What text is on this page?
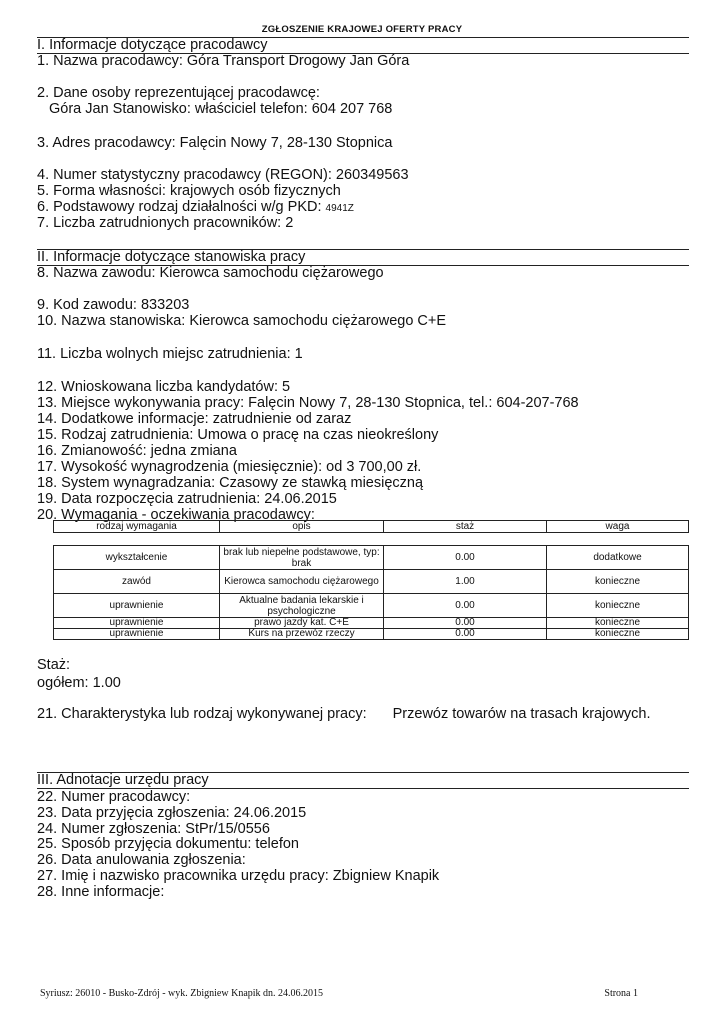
ZGŁOSZENIE KRAJOWEJ OFERTY PRACY
I. Informacje dotyczące pracodawcy
1. Nazwa pracodawcy: Góra Transport Drogowy Jan Góra
2. Dane osoby reprezentującej pracodawcę:
Góra Jan Stanowisko: właściciel telefon: 604 207 768
3. Adres pracodawcy: Falęcin Nowy 7, 28-130 Stopnica
4. Numer statystyczny pracodawcy (REGON): 260349563
5. Forma własności: krajowych osób fizycznych
6. Podstawowy rodzaj działalności w/g PKD: 4941Z
7. Liczba zatrudnionych pracowników: 2
II. Informacje dotyczące stanowiska pracy
8. Nazwa zawodu: Kierowca samochodu ciężarowego
9. Kod zawodu: 833203
10. Nazwa stanowiska: Kierowca samochodu ciężarowego C+E
11. Liczba wolnych miejsc zatrudnienia: 1
12. Wnioskowana liczba kandydatów: 5
13. Miejsce wykonywania pracy: Falęcin Nowy 7, 28-130 Stopnica, tel.: 604-207-768
14. Dodatkowe informacje: zatrudnienie od zaraz
15. Rodzaj zatrudnienia: Umowa o pracę na czas nieokreślony
16. Zmianowość: jedna zmiana
17. Wysokość wynagrodzenia (miesięcznie): od 3 700,00 zł.
18. System wynagradzania: Czasowy ze stawką miesięczną
19. Data rozpoczęcia zatrudnienia: 24.06.2015
20. Wymagania - oczekiwania pracodawcy:
rodzaj wymagania	opis	staż	waga
wykształcenie	brak lub niepełne podstawowe, typ: brak	0.00	dodatkowe
zawód	Kierowca samochodu ciężarowego	1.00	konieczne
uprawnienie	Aktualne badania lekarskie i psychologiczne	0.00	konieczne
uprawnienie	prawo jazdy kat. C+E	0.00	konieczne
uprawnienie	Kurs na przewóz rzeczy	0.00	konieczne
Staż:
ogółem: 1.00
21. Charakterystyka lub rodzaj wykonywanej pracy: Przewóz towarów na trasach krajowych.
III. Adnotacje urzędu pracy
22. Numer pracodawcy:
23. Data przyjęcia zgłoszenia: 24.06.2015
24. Numer zgłoszenia: StPr/15/0556
25. Sposób przyjęcia dokumentu: telefon
26. Data anulowania zgłoszenia:
27. Imię i nazwisko pracownika urzędu pracy: Zbigniew Knapik
28. Inne informacje:
Syriusz: 26010 - Busko-Zdrój - wyk. Zbigniew Knapik dn. 24.06.2015	Strona 1
